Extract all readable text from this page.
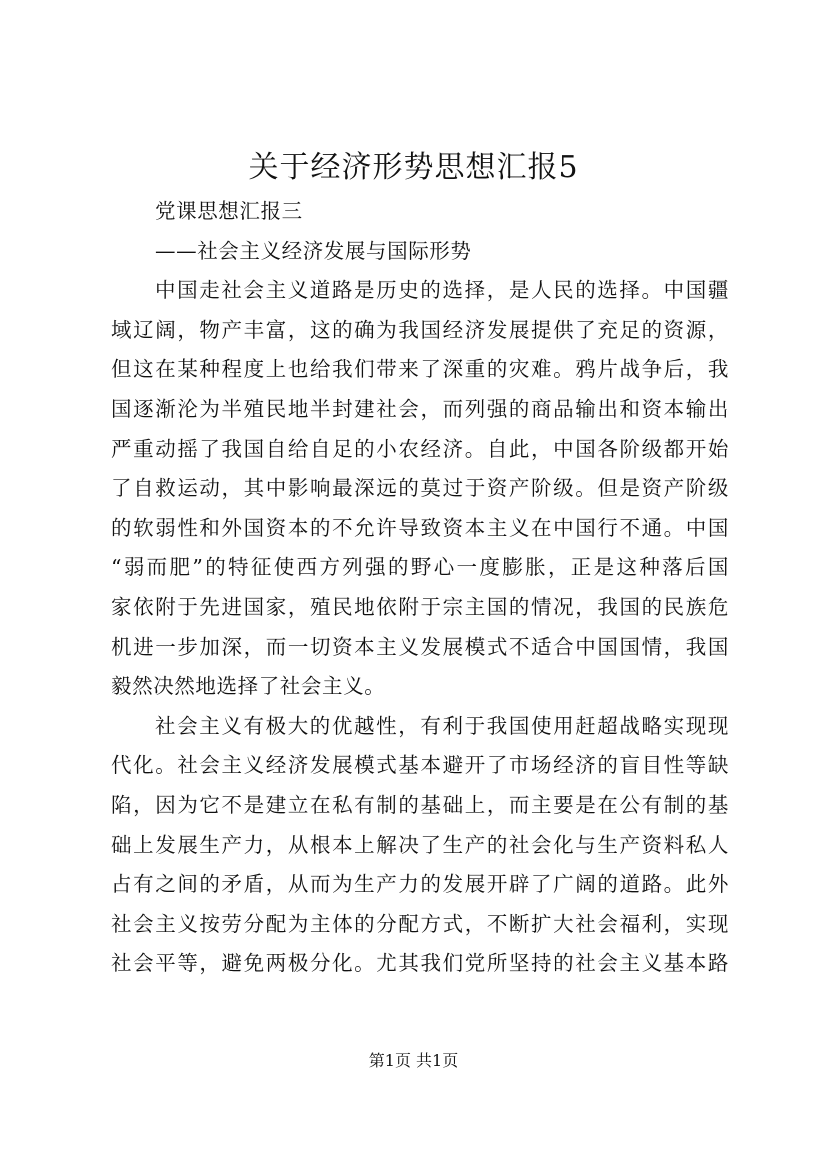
关于经济形势思想汇报5
党课思想汇报三
——社会主义经济发展与国际形势
中国走社会主义道路是历史的选择，是人民的选择。中国疆
域辽阔，物产丰富，这的确为我国经济发展提供了充足的资源，
但这在某种程度上也给我们带来了深重的灾难。鸦片战争后，我
国逐渐沦为半殖民地半封建社会，而列强的商品输出和资本输出
严重动摇了我国自给自足的小农经济。自此，中国各阶级都开始
了自救运动，其中影响最深远的莫过于资产阶级。但是资产阶级
的软弱性和外国资本的不允许导致资本主义在中国行不通。中国
“弱而肥”的特征使西方列强的野心一度膨胀，正是这种落后国
家依附于先进国家，殖民地依附于宗主国的情况，我国的民族危
机进一步加深，而一切资本主义发展模式不适合中国国情，我国
毅然决然地选择了社会主义。
社会主义有极大的优越性，有利于我国使用赶超战略实现现
代化。社会主义经济发展模式基本避开了市场经济的盲目性等缺
陷，因为它不是建立在私有制的基础上，而主要是在公有制的基
础上发展生产力，从根本上解决了生产的社会化与生产资料私人
占有之间的矛盾，从而为生产力的发展开辟了广阔的道路。此外
社会主义按劳分配为主体的分配方式，不断扩大社会福利，实现
社会平等，避免两极分化。尤其我们党所坚持的社会主义基本路
第1页 共1页
